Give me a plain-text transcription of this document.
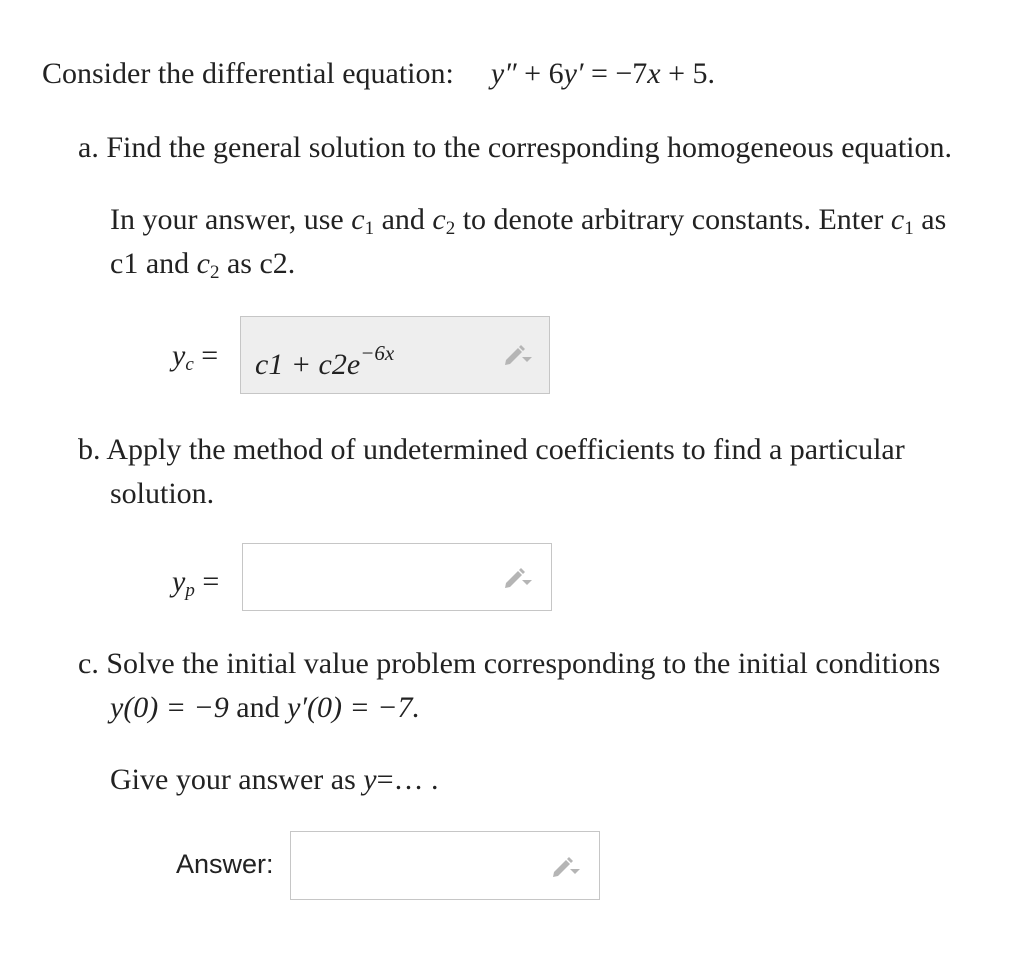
Consider the differential equation: y″ + 6y′ = −7x + 5.
a. Find the general solution to the corresponding homogeneous equation.
In your answer, use $c_1$ and $c_2$ to denote arbitrary constants. Enter $c_1$ as
c1 and $c_2$ as c2.
yc = $c1 + c2e^{-6x}$
b. Apply the method of undetermined coefficients to find a particular
solution.
yp =
c. Solve the initial value problem corresponding to the initial conditions
y(0) = −9 and y′(0) = −7.
Give your answer as y=… .
Answer:
